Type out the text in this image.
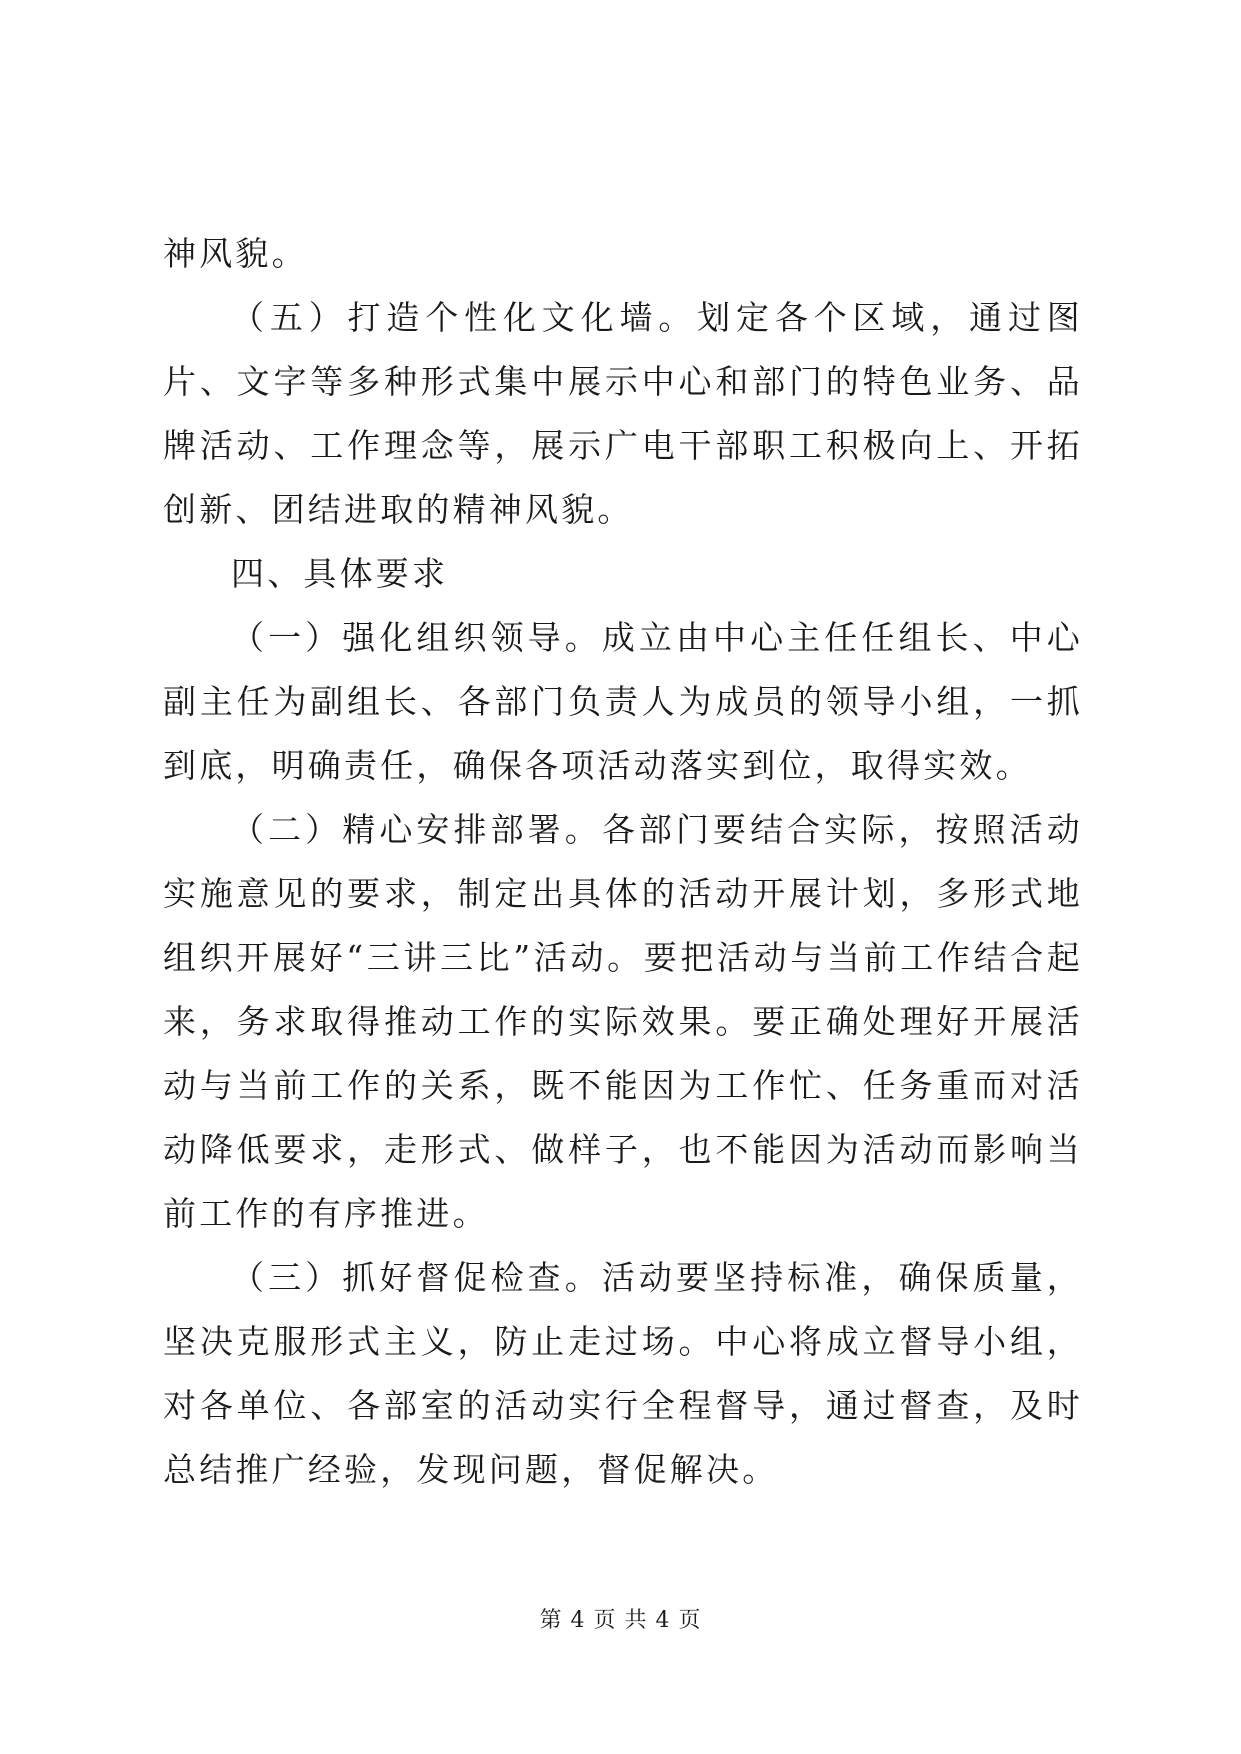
神风貌。

（五）打造个性化文化墙。划定各个区域，通过图片、文字等多种形式集中展示中心和部门的特色业务、品牌活动、工作理念等，展示广电干部职工积极向上、开拓创新、团结进取的精神风貌。

四、具体要求

（一）强化组织领导。成立由中心主任任组长、中心副主任为副组长、各部门负责人为成员的领导小组，一抓到底，明确责任，确保各项活动落实到位，取得实效。

（二）精心安排部署。各部门要结合实际，按照活动实施意见的要求，制定出具体的活动开展计划，多形式地组织开展好“三讲三比”活动。要把活动与当前工作结合起来，务求取得推动工作的实际效果。要正确处理好开展活动与当前工作的关系，既不能因为工作忙、任务重而对活动降低要求，走形式、做样子，也不能因为活动而影响当前工作的有序推进。

（三）抓好督促检查。活动要坚持标准，确保质量，坚决克服形式主义，防止走过场。中心将成立督导小组，对各单位、各部室的活动实行全程督导，通过督查，及时总结推广经验，发现问题，督促解决。

第 4 页 共 4 页
